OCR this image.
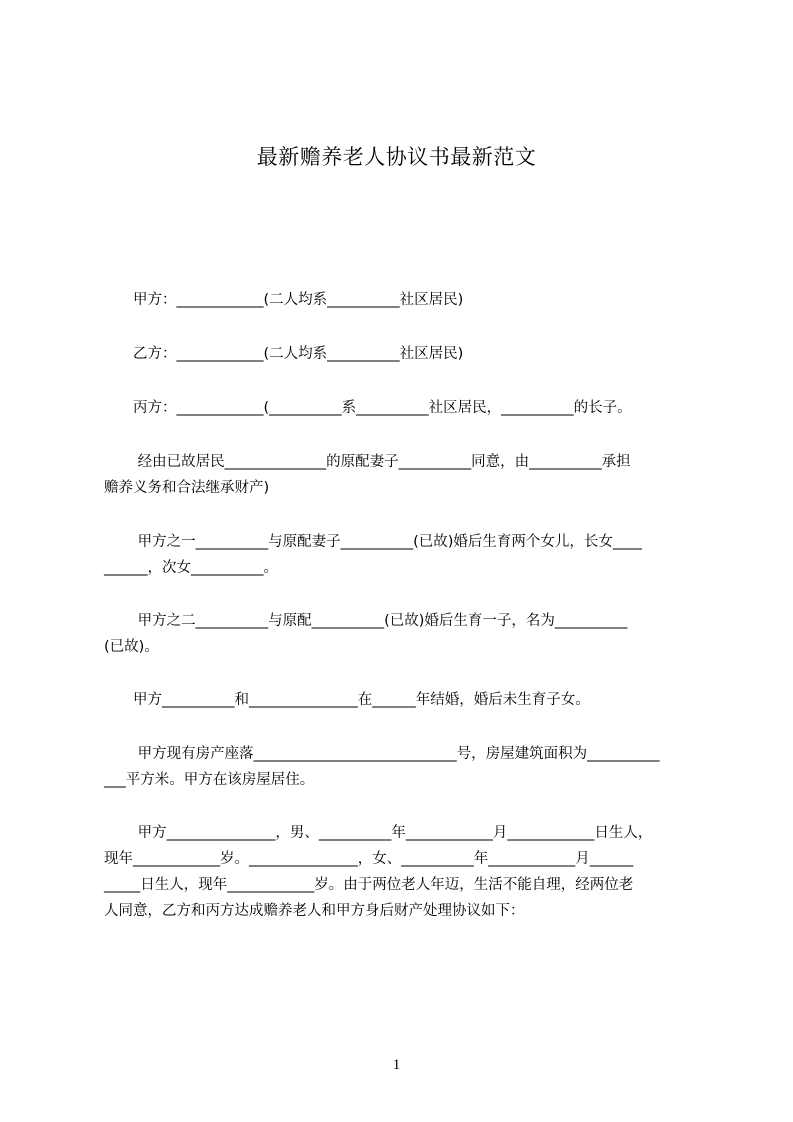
最新赡养老人协议书最新范文
　　甲方：____________(二人均系__________社区居民)
　　乙方：____________(二人均系__________社区居民)
　　丙方：____________(__________系__________社区居民，__________的长子。
　　 经由已故居民______________的原配妻子__________同意，由__________承担
赡养义务和合法继承财产)
　　 甲方之一__________与原配妻子__________(已故)婚后生育两个女儿，长女____
______，次女__________。
　　 甲方之二__________与原配__________(已故)婚后生育一子，名为__________
(已故)。
　　甲方__________和_______________在______年结婚，婚后未生育子女。
　　 甲方现有房产座落____________________________号，房屋建筑面积为__________
___平方米。甲方在该房屋居住。
　　 甲方_______________，男、__________年____________月____________日生人，
现年____________岁。_______________，女、__________年____________月______
_____日生人，现年____________岁。由于两位老人年迈，生活不能自理，经两位老
人同意，乙方和丙方达成赡养老人和甲方身后财产处理协议如下：
1
